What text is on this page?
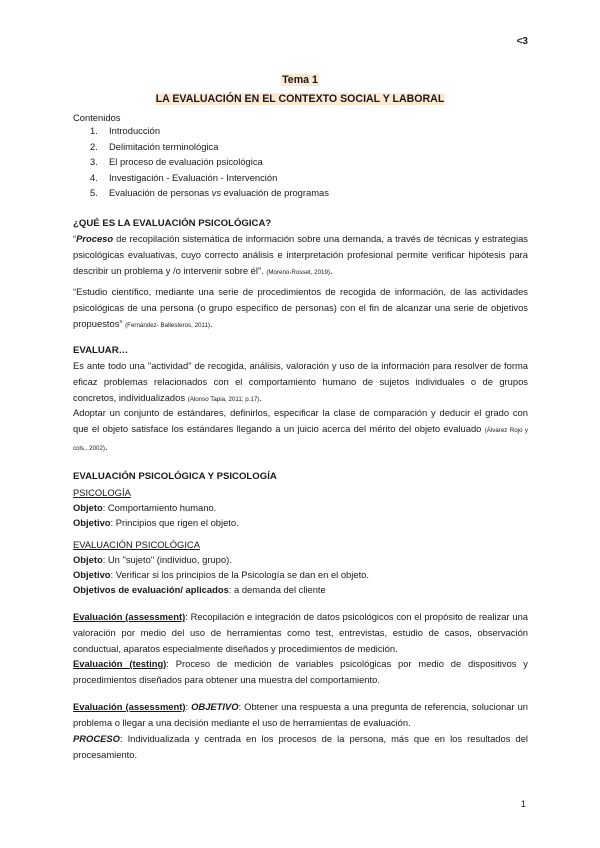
<3
Tema 1
LA EVALUACIÓN EN EL CONTEXTO SOCIAL Y LABORAL
Contenidos
1. Introducción
2. Delimitación terminológica
3. El proceso de evaluación psicológica
4. Investigación - Evaluación - Intervención
5. Evaluación de personas vs evaluación de programas
¿QUÉ ES LA EVALUACIÓN PSICOLÓGICA?

“Proceso de recopilación sistemática de información sobre una demanda, a través de técnicas y estrategias psicológicas evaluativas, cuyo correcto análisis e interpretación profesional permite verificar hipótesis para describir un problema y /o intervenir sobre él”. (Moreno-Rosset, 2019).

“Estudio científico, mediante una serie de procedimientos de recogida de información, de las actividades psicológicas de una persona (o grupo específico de personas) con el fin de alcanzar una serie de objetivos propuestos” (Fernández- Ballesteros, 2011).

EVALUAR…

Es ante todo una "actividad" de recogida, análisis, valoración y uso de la información para resolver de forma eficaz problemas relacionados con el comportamiento humano de sujetos individuales o de grupos concretos, individualizados (Alonso Tapia, 2011; p.17).

Adoptar un conjunto de estándares, definirlos, especificar la clase de comparación y deducir el grado con que el objeto satisface los estándares llegando a un juicio acerca del mérito del objeto evaluado (Álvarez Rojo y cols., 2002).

EVALUACIÓN PSICOLÓGICA Y PSICOLOGÍA
PSICOLOGÍA
Objeto: Comportamiento humano.
Objetivo: Principios que rigen el objeto.
EVALUACIÓN PSICOLÓGICA
Objeto: Un "sujeto" (individuo, grupo).
Objetivo: Verificar si los principios de la Psicología se dan en el objeto.
Objetivos de evaluación/ aplicados: a demanda del cliente

Evaluación (assessment): Recopilación e integración de datos psicológicos con el propósito de realizar una valoración por medio del uso de herramientas como test, entrevistas, estudio de casos, observación conductual, aparatos especialmente diseñados y procedimientos de medición.

Evaluación (testing): Proceso de medición de variables psicológicas por medio de dispositivos y procedimientos diseñados para obtener una muestra del comportamiento.

Evaluación (assessment): OBJETIVO: Obtener una respuesta a una pregunta de referencia, solucionar un problema o llegar a una decisión mediante el uso de herramientas de evaluación.

PROCESO: Individualizada y centrada en los procesos de la persona, más que en los resultados del procesamiento.

1
